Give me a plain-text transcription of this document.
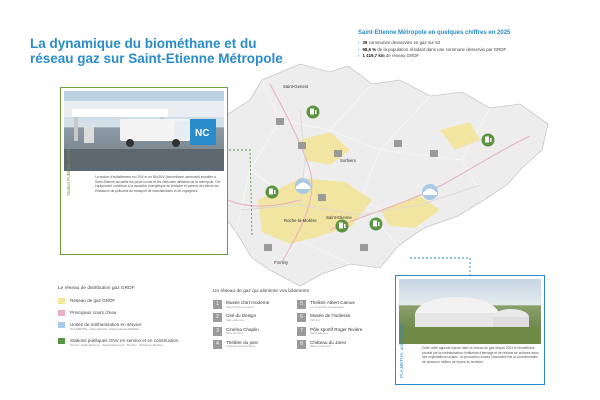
La dynamique du biométhane et du réseau gaz sur Saint-Etienne Métropole
Saint-Etienne Métropole en quelques chiffres en 2025
› 35 communes desservies en gaz sur 53
› 98,6 % de la population résidant dans une commune desservie par GRDF
› 1 419,7 km de réseau GRDF
Saint-Genest
Sorbiers
Roche-la-Molière
Saint-Etienne
Firminy
NC
La station d'avitaillement en GNV et en BioGNV (biométhane carburant) installée à Saint-Etienne accueille les poids lourds et les véhicules utilitaires de la métropole. Cet équipement contribue à la transition énergétique du territoire et permet de réduire les émissions de polluants du transport de marchandises et de voyageurs.
Station Publique Gnvert
Cette unité agricole injecte dans le réseau de gaz depuis 2024 le biométhane produit par la méthanisation d'effluents d'élevage et de résidus de cultures issus des exploitations locales. La production couvre l'équivalent de la consommation de plusieurs milliers de foyers du territoire.
Pl.A.METHA, unité agricole
Le réseau de distribution gaz GRDF
Réseau de gaz GRDF
Principaux cours d'eau
Unités de méthanisation en service
Pl.A.METHA, unité agricole, Saint-Genest-Malifaux
Stations publiques GNV en service et en construction
Gnvert, Saint-Etienne · Saint-Chamond · Firminy · Roche-la-Molière
Un réseau de gaz qui alimente vos bâtiments
1	Musée d'art moderne
Saint-Priest-en-Jarez	5	Théâtre Albert Camus
Le Chambon-Feugerolles
2	Cité du Design
Saint-Etienne	6	Musée de l'Indiesse
Firminy
3	Cinéma Chaplin
Rive-de-Gier	7	Pôle sportif Roger Rivière
Saint-Etienne
4	Théâtre du parc
Andrézieux-Bouthéon	8	Château du Jarez
Saint-Chamond
